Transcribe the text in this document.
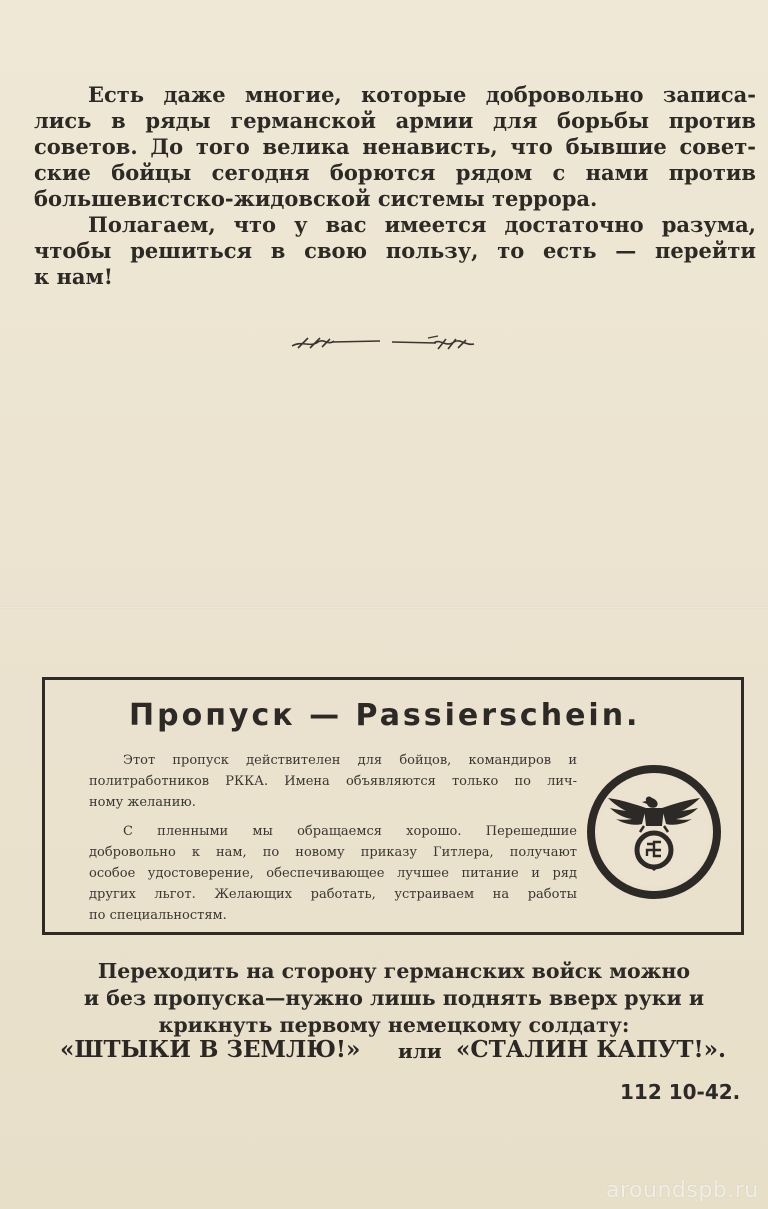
Есть даже многие, которые добровольно записа-
лись в ряды германской армии для борьбы против
советов. До того велика ненависть, что бывшие совет-
ские бойцы сегодня борются рядом с нами против
большевистско-жидовской системы террора.
Полагаем, что у вас имеется достаточно разума,
чтобы решиться в свою пользу, то есть — перейти
к нам!
Пропуск — Passierschein.
Этот пропуск действителен для бойцов, командиров и
политработников РККА. Имена объявляются только по лич-
ному желанию.
С пленными мы обращаемся хорошо. Перешедшие
добровольно к нам, по новому приказу Гитлера, получают
особое удостоверение, обеспечивающее лучшее питание и ряд
других льгот. Желающих работать, устраиваем на работы
по специальностям.
Переходить на сторону германских войск можно
и без пропуска—нужно лишь поднять вверх руки и
крикнуть первому немецкому солдату:
«ШТЫКИ В ЗЕМЛЮ!» или «СТАЛИН КАПУТ!».
112 10-42.
aroundspb.ru
